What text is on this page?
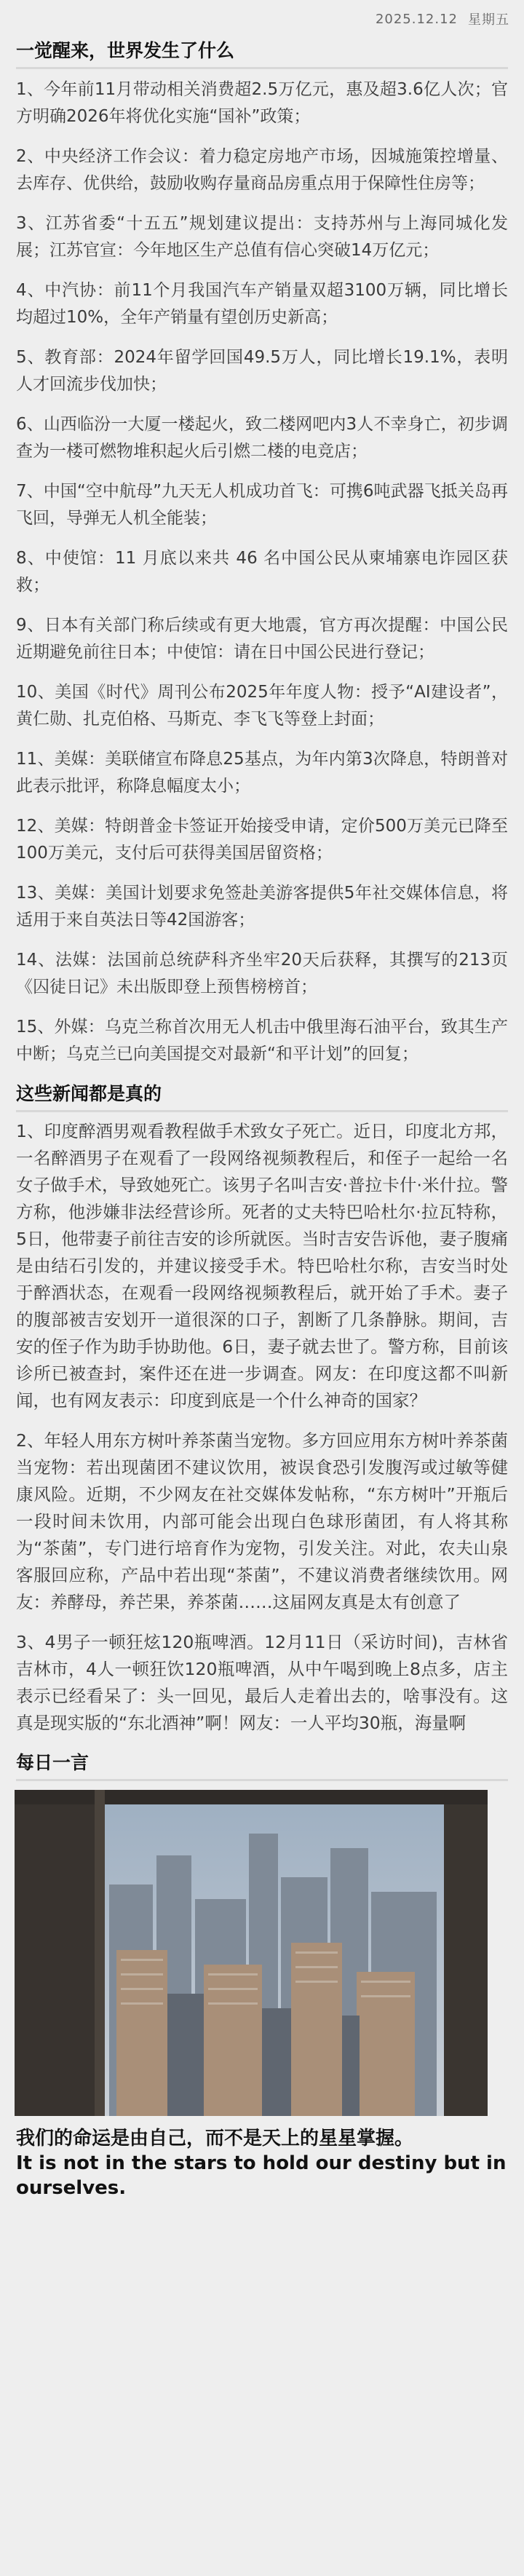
2025.12.12 星期五
一觉醒来，世界发生了什么

1、今年前11月带动相关消费超2.5万亿元，惠及超3.6亿人次；官方明确2026年将优化实施“国补”政策；

2、中央经济工作会议：着力稳定房地产市场，因城施策控增量、去库存、优供给，鼓励收购存量商品房重点用于保障性住房等；

3、江苏省委“十五五”规划建议提出：支持苏州与上海同城化发展；江苏官宣：今年地区生产总值有信心突破14万亿元；

4、中汽协：前11个月我国汽车产销量双超3100万辆，同比增长均超过10%，全年产销量有望创历史新高；

5、教育部：2024年留学回国49.5万人，同比增长19.1%，表明人才回流步伐加快；

6、山西临汾一大厦一楼起火，致二楼网吧内3人不幸身亡，初步调查为一楼可燃物堆积起火后引燃二楼的电竞店；

7、中国“空中航母”九天无人机成功首飞：可携6吨武器飞抵关岛再飞回，导弹无人机全能装；

8、中使馆：11 月底以来共 46 名中国公民从柬埔寨电诈园区获救；

9、日本有关部门称后续或有更大地震，官方再次提醒：中国公民近期避免前往日本；中使馆：请在日中国公民进行登记；

10、美国《时代》周刊公布2025年年度人物：授予“AI建设者”，黄仁勋、扎克伯格、马斯克、李飞飞等登上封面；

11、美媒：美联储宣布降息25基点，为年内第3次降息，特朗普对此表示批评，称降息幅度太小；

12、美媒：特朗普金卡签证开始接受申请，定价500万美元已降至100万美元，支付后可获得美国居留资格；

13、美媒：美国计划要求免签赴美游客提供5年社交媒体信息，将适用于来自英法日等42国游客；

14、法媒：法国前总统萨科齐坐牢20天后获释，其撰写的213页《囚徒日记》未出版即登上预售榜榜首；

15、外媒：乌克兰称首次用无人机击中俄里海石油平台，致其生产中断；乌克兰已向美国提交对最新“和平计划”的回复；

这些新闻都是真的

1、印度醉酒男观看教程做手术致女子死亡。近日，印度北方邦，一名醉酒男子在观看了一段网络视频教程后，和侄子一起给一名女子做手术，导致她死亡。该男子名叫吉安·普拉卡什·米什拉。警方称，他涉嫌非法经营诊所。死者的丈夫特巴哈杜尔·拉瓦特称，5日，他带妻子前往吉安的诊所就医。当时吉安告诉他，妻子腹痛是由结石引发的，并建议接受手术。特巴哈杜尔称，吉安当时处于醉酒状态，在观看一段网络视频教程后，就开始了手术。妻子的腹部被吉安划开一道很深的口子，割断了几条静脉。期间，吉安的侄子作为助手协助他。6日，妻子就去世了。警方称，目前该诊所已被查封，案件还在进一步调查。网友：在印度这都不叫新闻，也有网友表示：印度到底是一个什么神奇的国家？

2、年轻人用东方树叶养茶菌当宠物。多方回应用东方树叶养茶菌当宠物：若出现菌团不建议饮用，被误食恐引发腹泻或过敏等健康风险。近期，不少网友在社交媒体发帖称，“东方树叶”开瓶后一段时间未饮用，内部可能会出现白色球形菌团，有人将其称为“茶菌”，专门进行培育作为宠物，引发关注。对此，农夫山泉客服回应称，产品中若出现“茶菌”，不建议消费者继续饮用。网友：养酵母，养芒果，养茶菌……这届网友真是太有创意了

3、4男子一顿狂炫120瓶啤酒。12月11日（采访时间)，吉林省吉林市，4人一顿狂饮120瓶啤酒，从中午喝到晚上8点多，店主表示已经看呆了：头一回见，最后人走着出去的，啥事没有。这真是现实版的“东北酒神”啊！网友：一人平均30瓶，海量啊

每日一言
我们的命运是由自己，而不是天上的星星掌握。
It is not in the stars to hold our destiny but in ourselves.
